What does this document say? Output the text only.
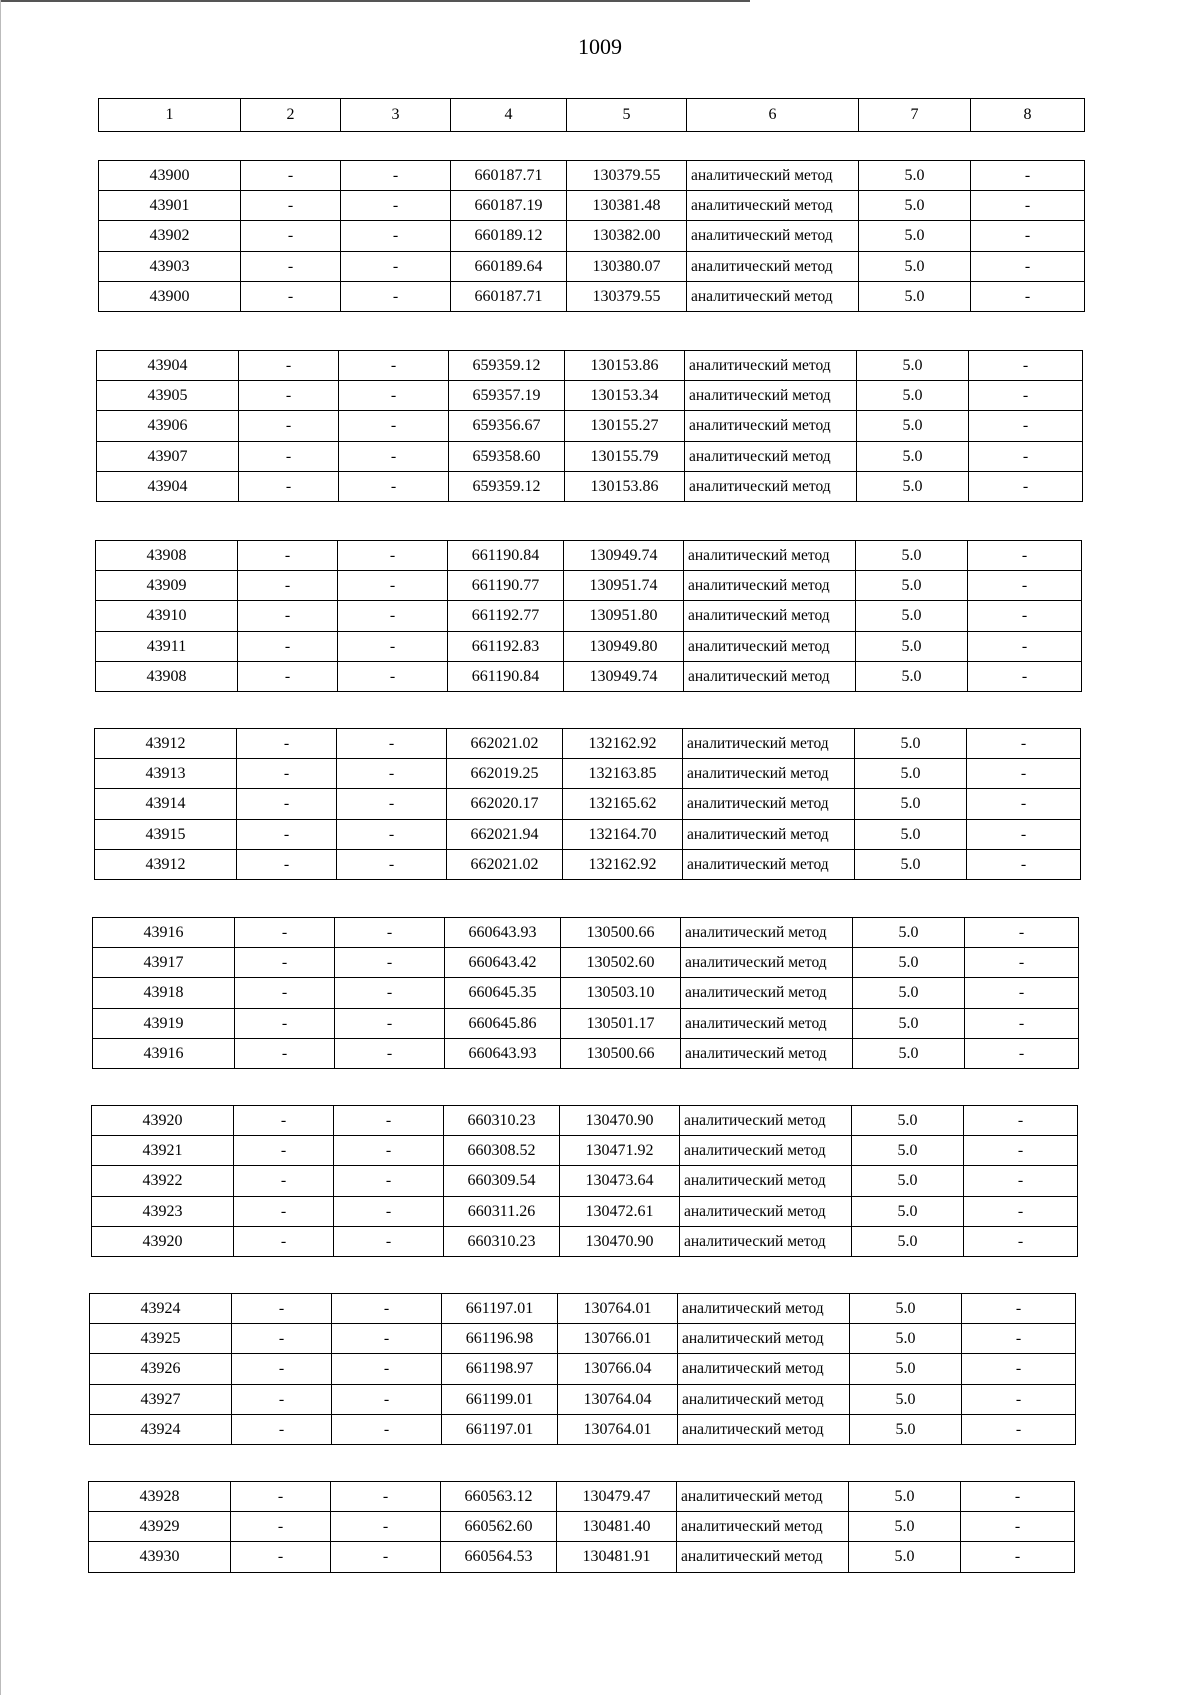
1009
1	2	3	4	5	6	7	8
43900	-	-	660187.71	130379.55	аналитический метод	5.0	-
43901	-	-	660187.19	130381.48	аналитический метод	5.0	-
43902	-	-	660189.12	130382.00	аналитический метод	5.0	-
43903	-	-	660189.64	130380.07	аналитический метод	5.0	-
43900	-	-	660187.71	130379.55	аналитический метод	5.0	-
43904	-	-	659359.12	130153.86	аналитический метод	5.0	-
43905	-	-	659357.19	130153.34	аналитический метод	5.0	-
43906	-	-	659356.67	130155.27	аналитический метод	5.0	-
43907	-	-	659358.60	130155.79	аналитический метод	5.0	-
43904	-	-	659359.12	130153.86	аналитический метод	5.0	-
43908	-	-	661190.84	130949.74	аналитический метод	5.0	-
43909	-	-	661190.77	130951.74	аналитический метод	5.0	-
43910	-	-	661192.77	130951.80	аналитический метод	5.0	-
43911	-	-	661192.83	130949.80	аналитический метод	5.0	-
43908	-	-	661190.84	130949.74	аналитический метод	5.0	-
43912	-	-	662021.02	132162.92	аналитический метод	5.0	-
43913	-	-	662019.25	132163.85	аналитический метод	5.0	-
43914	-	-	662020.17	132165.62	аналитический метод	5.0	-
43915	-	-	662021.94	132164.70	аналитический метод	5.0	-
43912	-	-	662021.02	132162.92	аналитический метод	5.0	-
43916	-	-	660643.93	130500.66	аналитический метод	5.0	-
43917	-	-	660643.42	130502.60	аналитический метод	5.0	-
43918	-	-	660645.35	130503.10	аналитический метод	5.0	-
43919	-	-	660645.86	130501.17	аналитический метод	5.0	-
43916	-	-	660643.93	130500.66	аналитический метод	5.0	-
43920	-	-	660310.23	130470.90	аналитический метод	5.0	-
43921	-	-	660308.52	130471.92	аналитический метод	5.0	-
43922	-	-	660309.54	130473.64	аналитический метод	5.0	-
43923	-	-	660311.26	130472.61	аналитический метод	5.0	-
43920	-	-	660310.23	130470.90	аналитический метод	5.0	-
43924	-	-	661197.01	130764.01	аналитический метод	5.0	-
43925	-	-	661196.98	130766.01	аналитический метод	5.0	-
43926	-	-	661198.97	130766.04	аналитический метод	5.0	-
43927	-	-	661199.01	130764.04	аналитический метод	5.0	-
43924	-	-	661197.01	130764.01	аналитический метод	5.0	-
43928	-	-	660563.12	130479.47	аналитический метод	5.0	-
43929	-	-	660562.60	130481.40	аналитический метод	5.0	-
43930	-	-	660564.53	130481.91	аналитический метод	5.0	-
